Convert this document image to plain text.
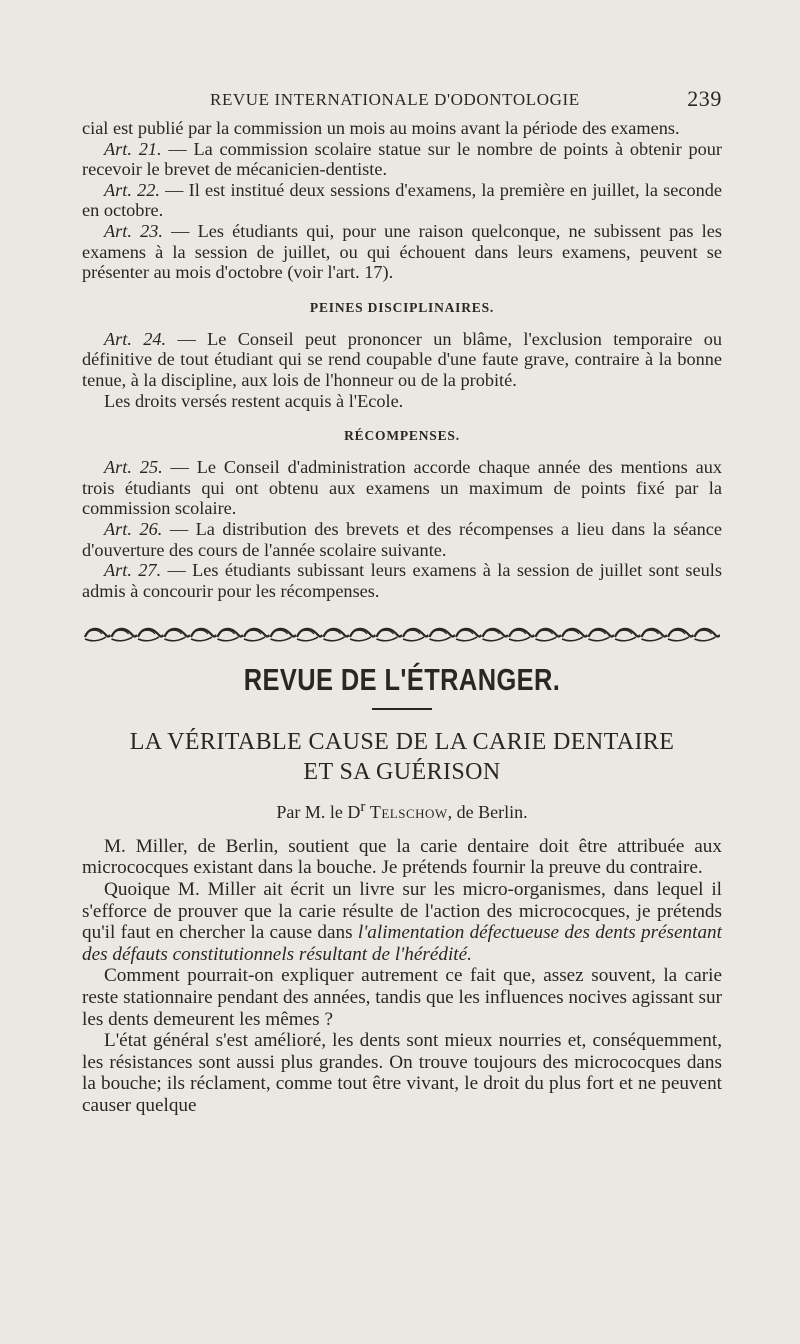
REVUE INTERNATIONALE D'ODONTOLOGIE	239

cial est publié par la commission un mois au moins avant la période des examens.

Art. 21. — La commission scolaire statue sur le nombre de points à obtenir pour recevoir le brevet de mécanicien-dentiste.

Art. 22. — Il est institué deux sessions d'examens, la première en juillet, la seconde en octobre.

Art. 23. — Les étudiants qui, pour une raison quelconque, ne subissent pas les examens à la session de juillet, ou qui échouent dans leurs examens, peuvent se présenter au mois d'octobre (voir l'art. 17).

PEINES DISCIPLINAIRES.

Art. 24. — Le Conseil peut prononcer un blâme, l'exclusion temporaire ou définitive de tout étudiant qui se rend coupable d'une faute grave, contraire à la bonne tenue, à la discipline, aux lois de l'honneur ou de la probité.

Les droits versés restent acquis à l'Ecole.

RÉCOMPENSES.

Art. 25. — Le Conseil d'administration accorde chaque année des mentions aux trois étudiants qui ont obtenu aux examens un maximum de points fixé par la commission scolaire.

Art. 26. — La distribution des brevets et des récompenses a lieu dans la séance d'ouverture des cours de l'année scolaire suivante.

Art. 27. — Les étudiants subissant leurs examens à la session de juillet sont seuls admis à concourir pour les récompenses.

REVUE DE L'ÉTRANGER.
LA VÉRITABLE CAUSE DE LA CARIE DENTAIRE
ET SA GUÉRISON
Par M. le $D^r$ Telschow, de Berlin.

M. Miller, de Berlin, soutient que la carie dentaire doit être attribuée aux micrococques existant dans la bouche. Je prétends fournir la preuve du contraire.

Quoique M. Miller ait écrit un livre sur les micro-organismes, dans lequel il s'efforce de prouver que la carie résulte de l'action des micrococques, je prétends qu'il faut en chercher la cause dans l'alimentation défectueuse des dents présentant des défauts constitutionnels résultant de l'hérédité.

Comment pourrait-on expliquer autrement ce fait que, assez souvent, la carie reste stationnaire pendant des années, tandis que les influences nocives agissant sur les dents demeurent les mêmes ?

L'état général s'est amélioré, les dents sont mieux nourries et, conséquemment, les résistances sont aussi plus grandes. On trouve toujours des micrococques dans la bouche; ils réclament, comme tout être vivant, le droit du plus fort et ne peuvent causer quelque
